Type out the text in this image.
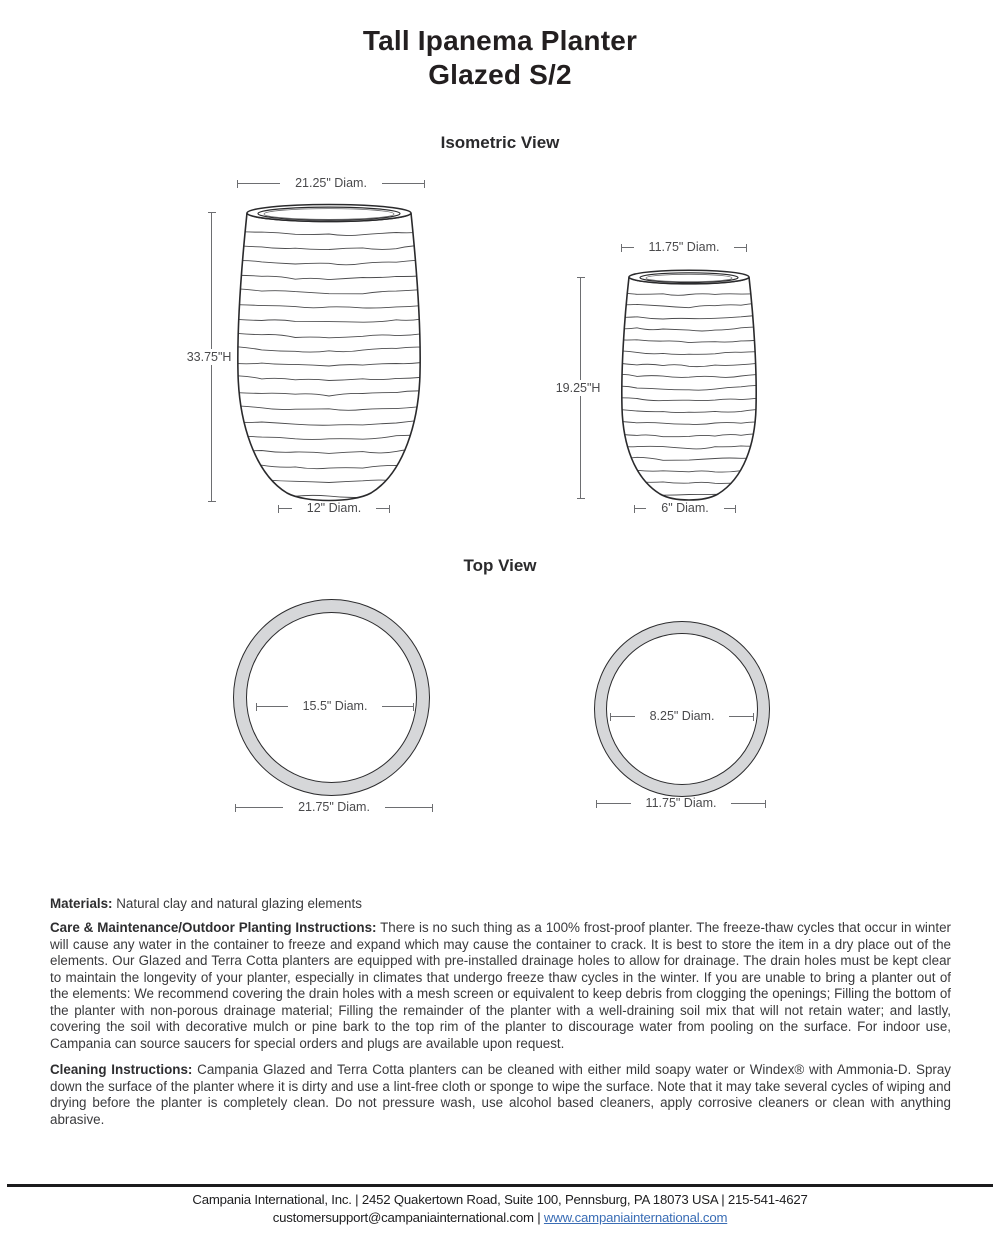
Tall Ipanema Planter
Glazed S/2
Isometric View
21.25" Diam.
33.75"H
12" Diam.
11.75" Diam.
19.25"H
6" Diam.
Top View
15.5" Diam.
21.75" Diam.
8.25" Diam.
11.75" Diam.

Materials: Natural clay and natural glazing elements

Care & Maintenance/Outdoor Planting Instructions: There is no such thing as a 100% frost-proof planter. The freeze-thaw cycles that occur in winter will cause any water in the container to freeze and expand which may cause the container to crack. It is best to store the item in a dry place out of the elements. Our Glazed and Terra Cotta planters are equipped with pre-installed drainage holes to allow for drainage. The drain holes must be kept clear to maintain the longevity of your planter, especially in climates that undergo freeze thaw cycles in the winter. If you are unable to bring a planter out of the elements: We recommend covering the drain holes with a mesh screen or equivalent to keep debris from clogging the openings; Filling the bottom of the planter with non-porous drainage material; Filling the remainder of the planter with a well-draining soil mix that will not retain water; and lastly, covering the soil with decorative mulch or pine bark to the top rim of the planter to discourage water from pooling on the surface. For indoor use, Campania can source saucers for special orders and plugs are available upon request.

Cleaning Instructions: Campania Glazed and Terra Cotta planters can be cleaned with either mild soapy water or Windex® with Ammonia-D. Spray down the surface of the planter where it is dirty and use a lint-free cloth or sponge to wipe the surface. Note that it may take several cycles of wiping and drying before the planter is completely clean. Do not pressure wash, use alcohol based cleaners, apply corrosive cleaners or clean with anything abrasive.

Campania International, Inc. | 2452 Quakertown Road, Suite 100, Pennsburg, PA 18073 USA | 215-541-4627
customersupport@campaniainternational.com | www.campaniainternational.com
